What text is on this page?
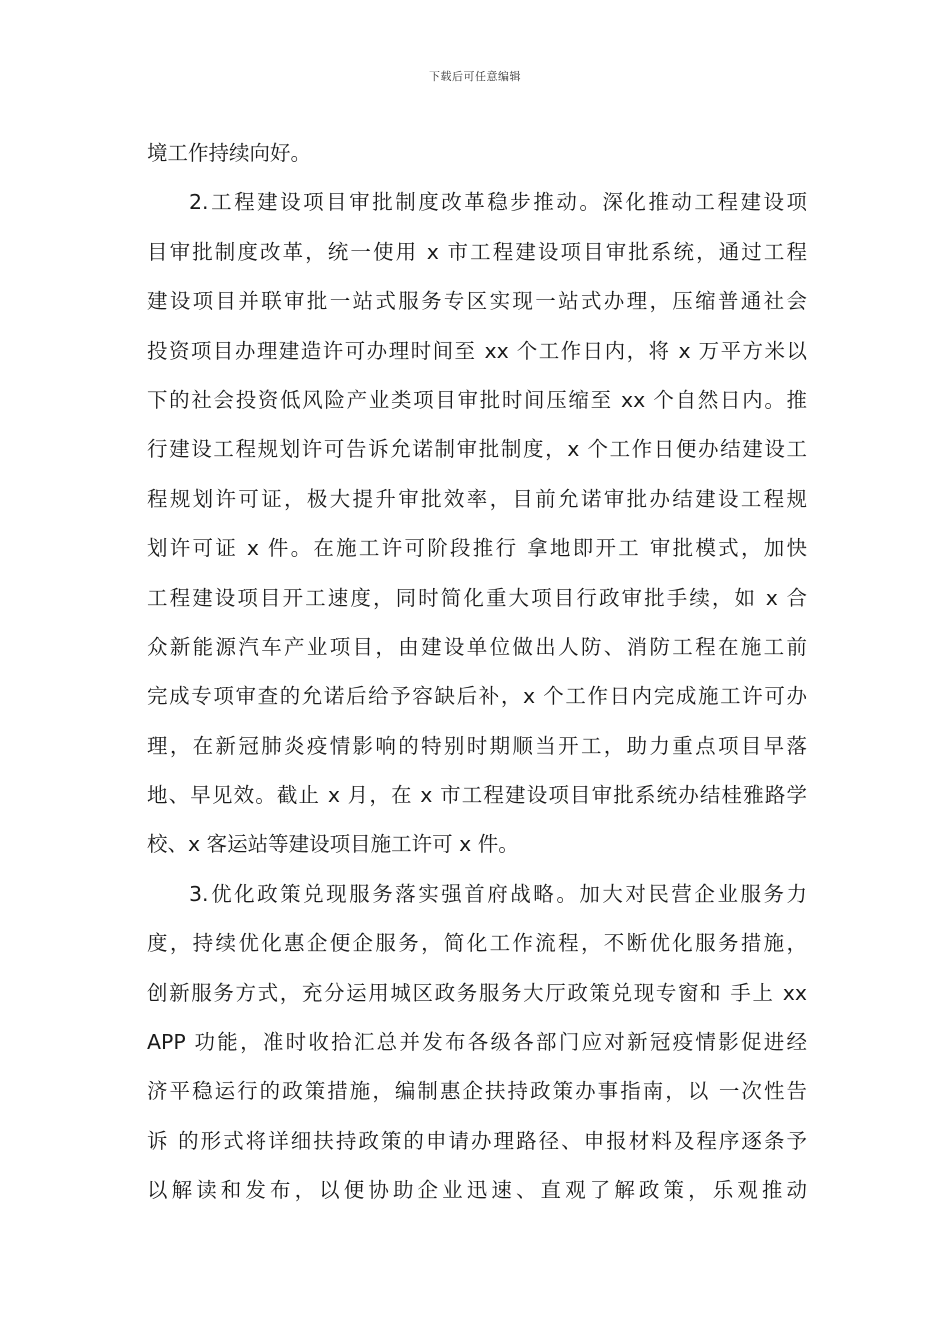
下载后可任意编辑
境工作持续向好。
2.工程建设项目审批制度改革稳步推动。深化推动工程建设项
目审批制度改革，统一使用 x 市工程建设项目审批系统，通过工程
建设项目并联审批一站式服务专区实现一站式办理，压缩普通社会
投资项目办理建造许可办理时间至 xx 个工作日内，将 x 万平方米以
下的社会投资低风险产业类项目审批时间压缩至 xx 个自然日内。推
行建设工程规划许可告诉允诺制审批制度，x 个工作日便办结建设工
程规划许可证，极大提升审批效率，目前允诺审批办结建设工程规
划许可证 x 件。在施工许可阶段推行 拿地即开工 审批模式，加快
工程建设项目开工速度，同时简化重大项目行政审批手续，如 x 合
众新能源汽车产业项目，由建设单位做出人防、消防工程在施工前
完成专项审查的允诺后给予容缺后补，x 个工作日内完成施工许可办
理，在新冠肺炎疫情影响的特别时期顺当开工，助力重点项目早落
地、早见效。截止 x 月，在 x 市工程建设项目审批系统办结桂雅路学
校、x 客运站等建设项目施工许可 x 件。
3.优化政策兑现服务落实强首府战略。加大对民营企业服务力
度，持续优化惠企便企服务，简化工作流程，不断优化服务措施，
创新服务方式，充分运用城区政务服务大厅政策兑现专窗和 手上 xx
APP 功能，准时收拾汇总并发布各级各部门应对新冠疫情影促进经
济平稳运行的政策措施，编制惠企扶持政策办事指南，以 一次性告
诉 的形式将详细扶持政策的申请办理路径、申报材料及程序逐条予
以解读和发布，以便协助企业迅速、直观了解政策，乐观推动
